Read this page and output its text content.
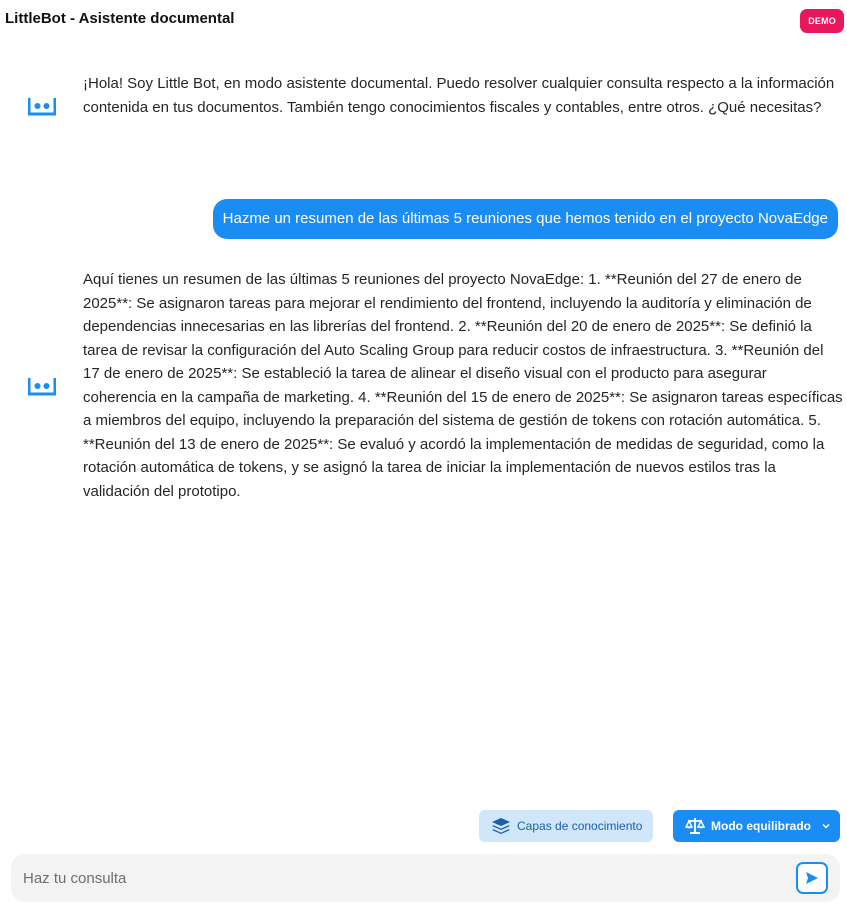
LittleBot - Asistente documental	DEMO
¡Hola! Soy Little Bot, en modo asistente documental. Puedo resolver cualquier consulta respecto a la información contenida en tus documentos. También tengo conocimientos fiscales y contables, entre otros. ¿Qué necesitas?
Hazme un resumen de las últimas 5 reuniones que hemos tenido en el proyecto NovaEdge
Aquí tienes un resumen de las últimas 5 reuniones del proyecto NovaEdge: 1. **Reunión del 27 de enero de 2025**: Se asignaron tareas para mejorar el rendimiento del frontend, incluyendo la auditoría y eliminación de dependencias innecesarias en las librerías del frontend. 2. **Reunión del 20 de enero de 2025**: Se definió la tarea de revisar la configuración del Auto Scaling Group para reducir costos de infraestructura. 3. **Reunión del 17 de enero de 2025**: Se estableció la tarea de alinear el diseño visual con el producto para asegurar coherencia en la campaña de marketing. 4. **Reunión del 15 de enero de 2025**: Se asignaron tareas específicas a miembros del equipo, incluyendo la preparación del sistema de gestión de tokens con rotación automática. 5. **Reunión del 13 de enero de 2025**: Se evaluó y acordó la implementación de medidas de seguridad, como la rotación automática de tokens, y se asignó la tarea de iniciar la implementación de nuevos estilos tras la validación del prototipo.
Capas de conocimiento	Modo equilibrado
Haz tu consulta
